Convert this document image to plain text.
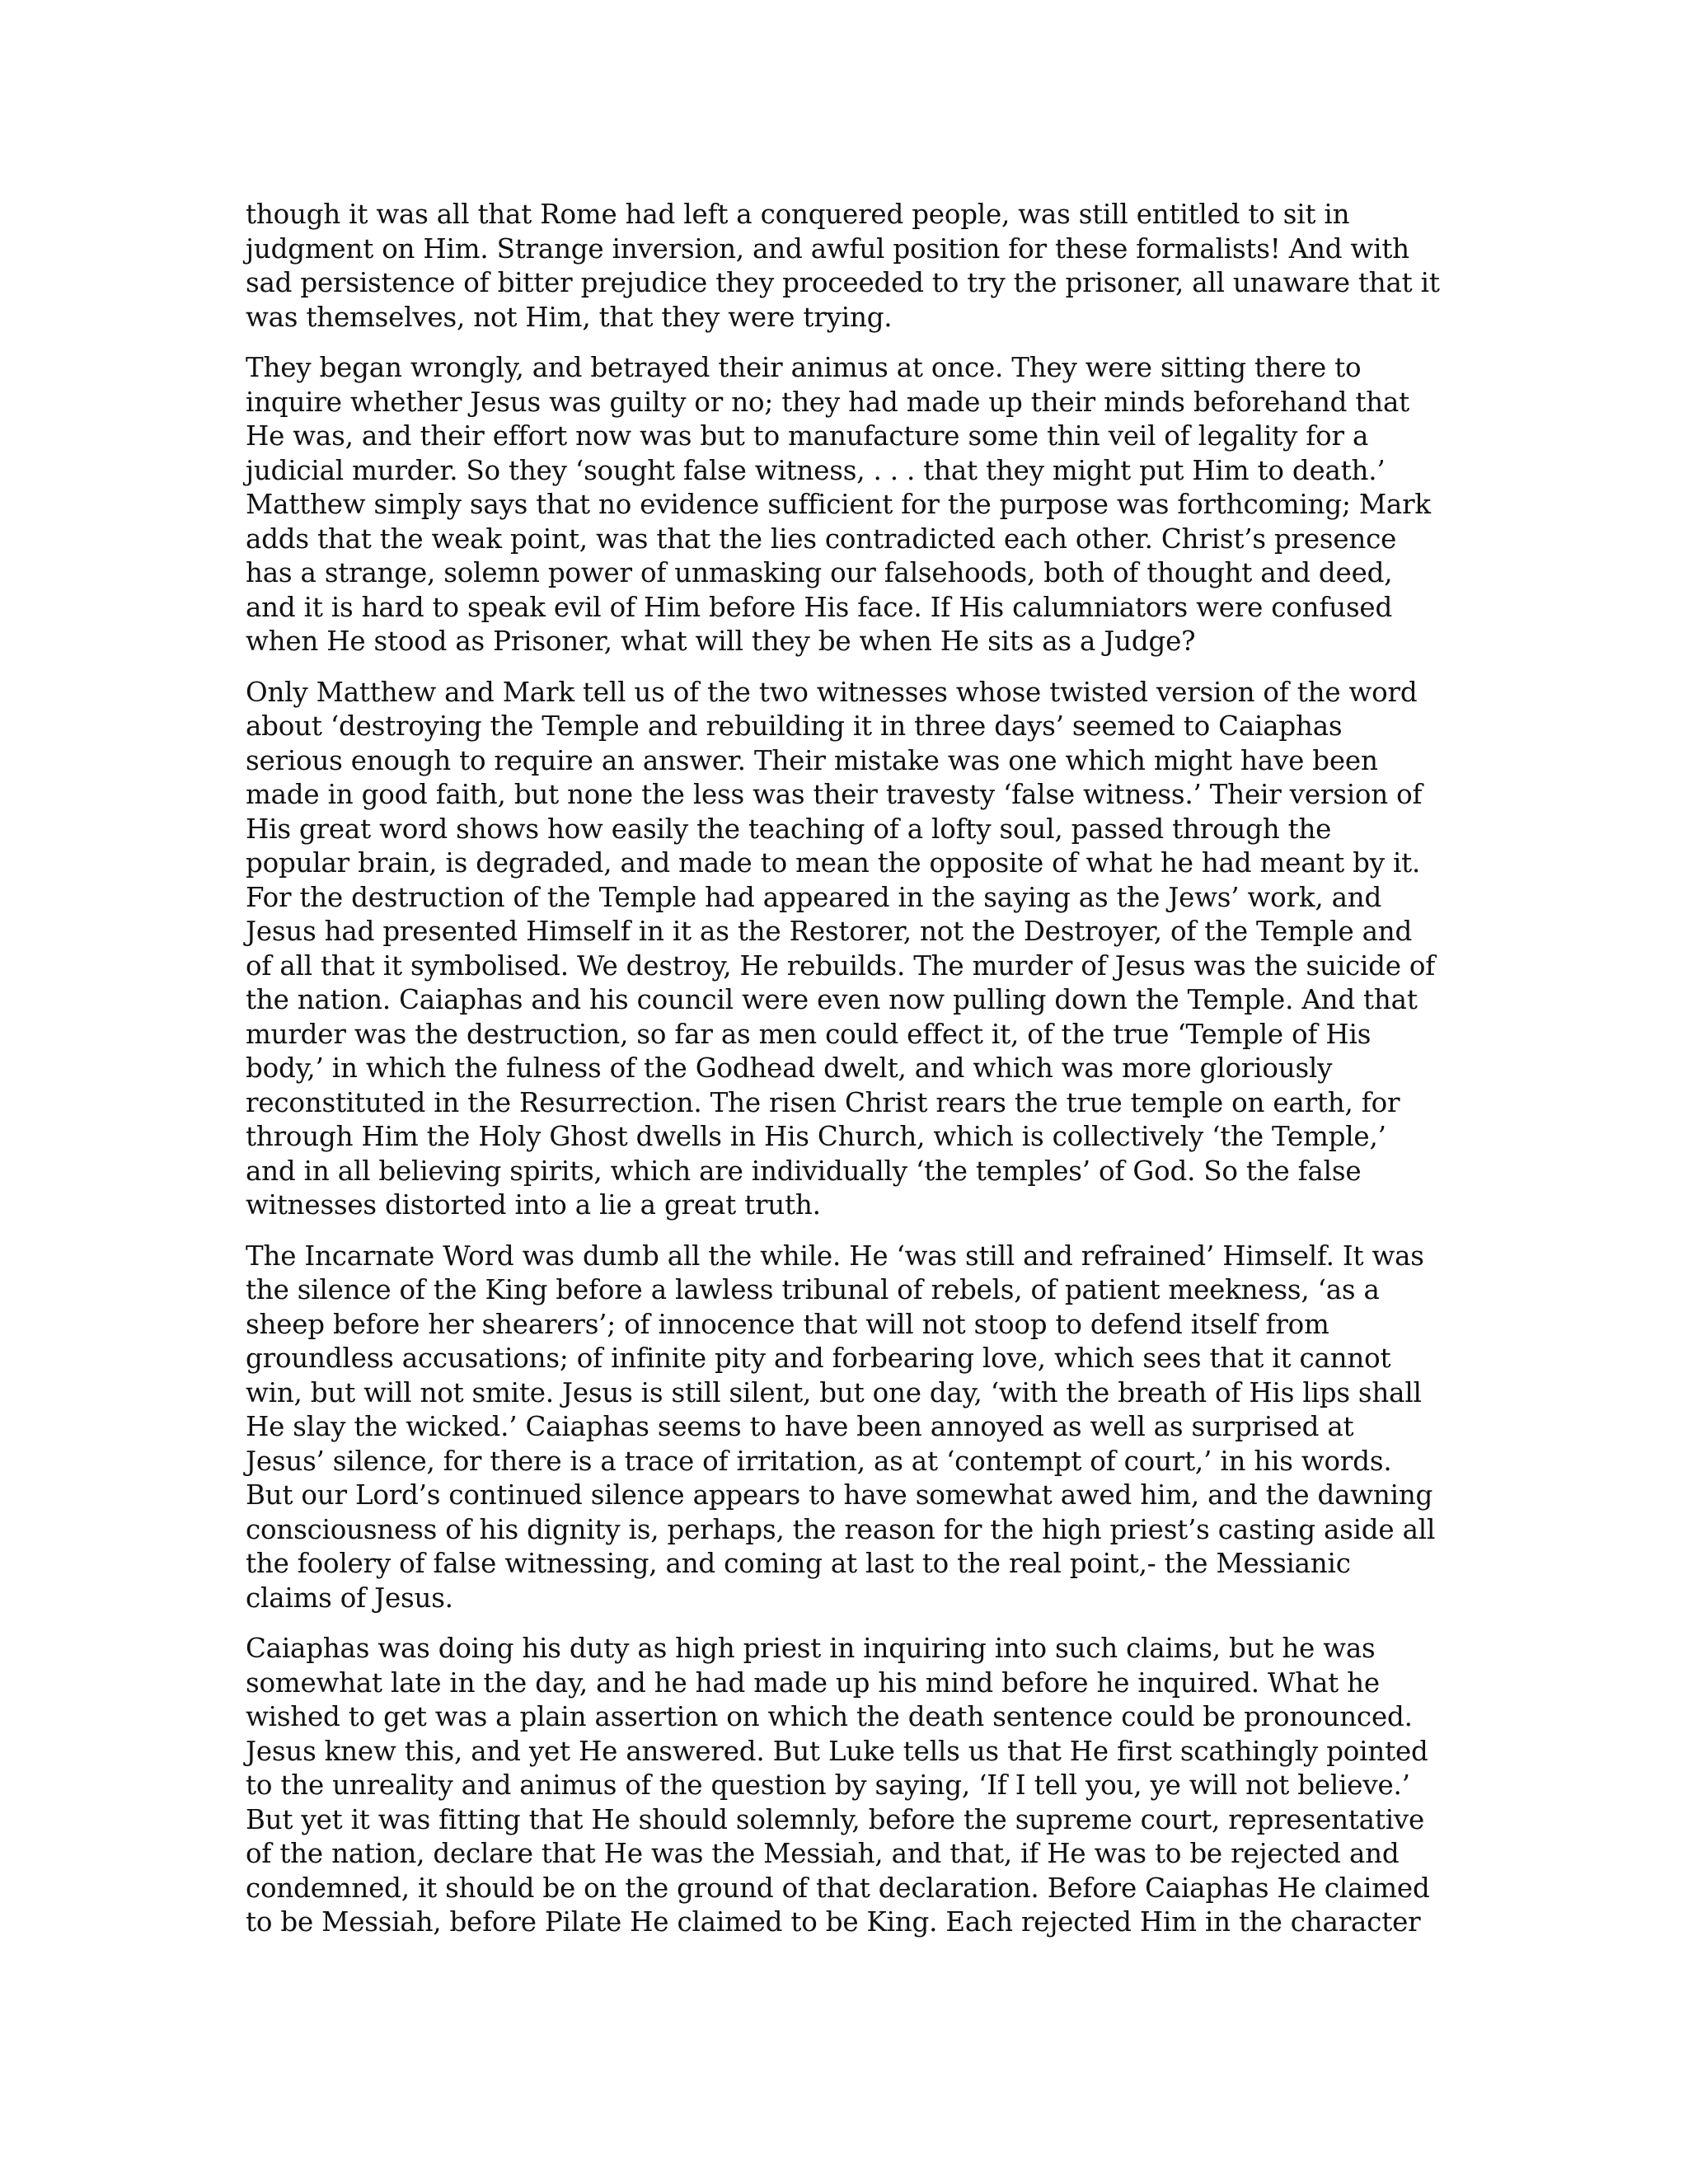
though it was all that Rome had left a conquered people, was still entitled to sit in judgment on Him. Strange inversion, and awful position for these formalists! And with sad persistence of bitter prejudice they proceeded to try the prisoner, all unaware that it was themselves, not Him, that they were trying.

They began wrongly, and betrayed their animus at once. They were sitting there to inquire whether Jesus was guilty or no; they had made up their minds beforehand that He was, and their effort now was but to manufacture some thin veil of legality for a judicial murder. So they ‘sought false witness, . . . that they might put Him to death.’ Matthew simply says that no evidence sufficient for the purpose was forthcoming; Mark adds that the weak point, was that the lies contradicted each other. Christ’s presence has a strange, solemn power of unmasking our falsehoods, both of thought and deed, and it is hard to speak evil of Him before His face. If His calumniators were confused when He stood as Prisoner, what will they be when He sits as a Judge?

Only Matthew and Mark tell us of the two witnesses whose twisted version of the word about ‘destroying the Temple and rebuilding it in three days’ seemed to Caiaphas serious enough to require an answer. Their mistake was one which might have been made in good faith, but none the less was their travesty ‘false witness.’ Their version of His great word shows how easily the teaching of a lofty soul, passed through the popular brain, is degraded, and made to mean the opposite of what he had meant by it. For the destruction of the Temple had appeared in the saying as the Jews’ work, and Jesus had presented Himself in it as the Restorer, not the Destroyer, of the Temple and of all that it symbolised. We destroy, He rebuilds. The murder of Jesus was the suicide of the nation. Caiaphas and his council were even now pulling down the Temple. And that murder was the destruction, so far as men could effect it, of the true ‘Temple of His body,’ in which the fulness of the Godhead dwelt, and which was more gloriously reconstituted in the Resurrection. The risen Christ rears the true temple on earth, for through Him the Holy Ghost dwells in His Church, which is collectively ‘the Temple,’ and in all believing spirits, which are individually ‘the temples’ of God. So the false witnesses distorted into a lie a great truth.

The Incarnate Word was dumb all the while. He ‘was still and refrained’ Himself. It was the silence of the King before a lawless tribunal of rebels, of patient meekness, ‘as a sheep before her shearers’; of innocence that will not stoop to defend itself from groundless accusations; of infinite pity and forbearing love, which sees that it cannot win, but will not smite. Jesus is still silent, but one day, ‘with the breath of His lips shall He slay the wicked.’ Caiaphas seems to have been annoyed as well as surprised at Jesus’ silence, for there is a trace of irritation, as at ‘contempt of court,’ in his words. But our Lord’s continued silence appears to have somewhat awed him, and the dawning consciousness of his dignity is, perhaps, the reason for the high priest’s casting aside all the foolery of false witnessing, and coming at last to the real point,- the Messianic claims of Jesus.

Caiaphas was doing his duty as high priest in inquiring into such claims, but he was somewhat late in the day, and he had made up his mind before he inquired. What he wished to get was a plain assertion on which the death sentence could be pronounced. Jesus knew this, and yet He answered. But Luke tells us that He first scathingly pointed to the unreality and animus of the question by saying, ‘If I tell you, ye will not believe.’ But yet it was fitting that He should solemnly, before the supreme court, representative of the nation, declare that He was the Messiah, and that, if He was to be rejected and condemned, it should be on the ground of that declaration. Before Caiaphas He claimed to be Messiah, before Pilate He claimed to be King. Each rejected Him in the character
